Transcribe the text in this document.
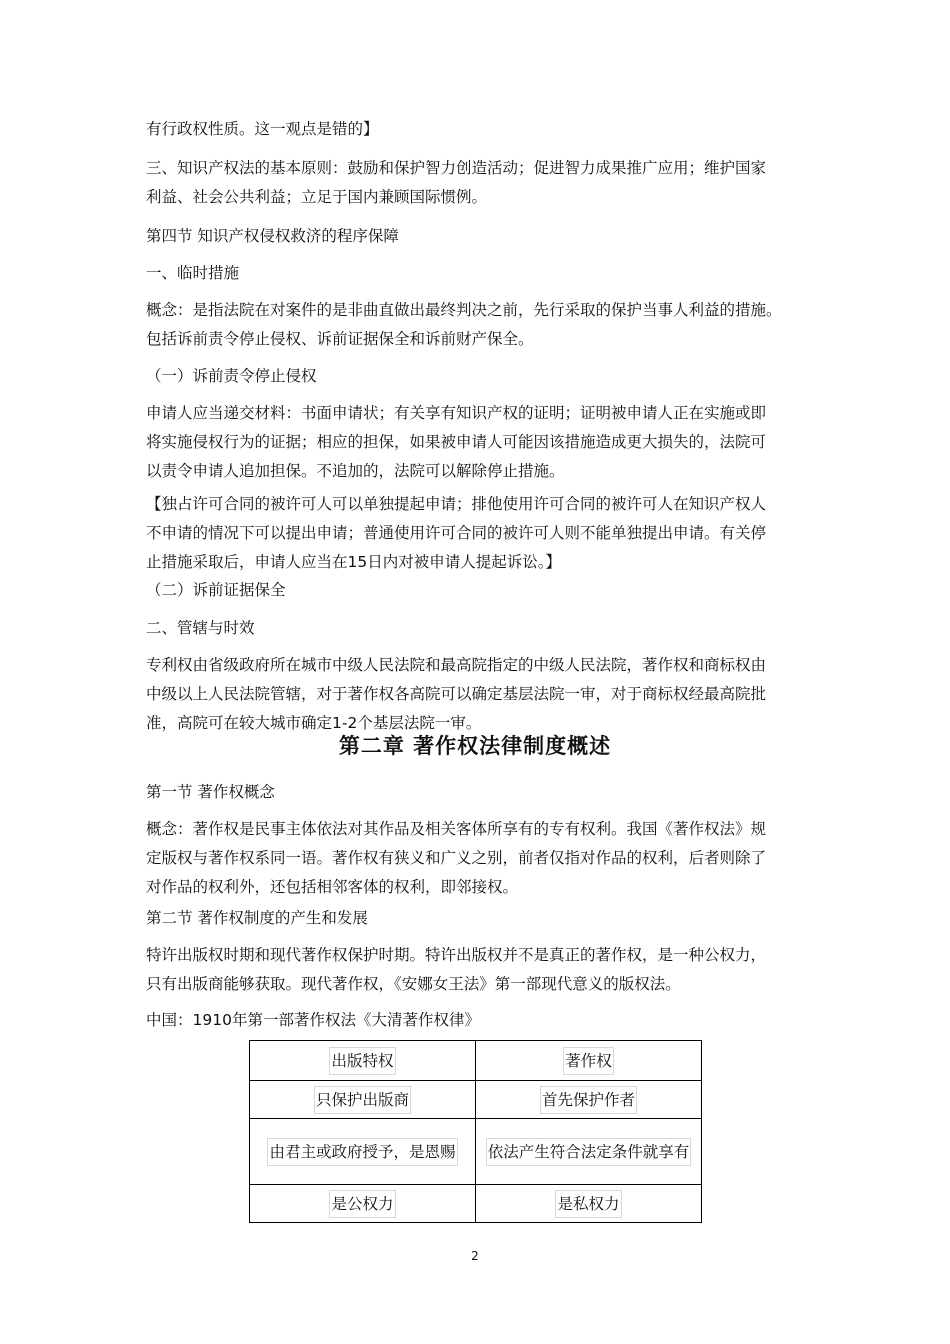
有行政权性质。这一观点是错的】
三、知识产权法的基本原则：鼓励和保护智力创造活动；促进智力成果推广应用；维护国家
利益、社会公共利益；立足于国内兼顾国际惯例。
第四节 知识产权侵权救济的程序保障
一、临时措施
概念：是指法院在对案件的是非曲直做出最终判决之前，先行采取的保护当事人利益的措施。
包括诉前责令停止侵权、诉前证据保全和诉前财产保全。
（一）诉前责令停止侵权
申请人应当递交材料：书面申请状；有关享有知识产权的证明；证明被申请人正在实施或即
将实施侵权行为的证据；相应的担保，如果被申请人可能因该措施造成更大损失的，法院可
以责令申请人追加担保。不追加的，法院可以解除停止措施。
【独占许可合同的被许可人可以单独提起申请；排他使用许可合同的被许可人在知识产权人
不申请的情况下可以提出申请；普通使用许可合同的被许可人则不能单独提出申请。有关停
止措施采取后，申请人应当在15日内对被申请人提起诉讼。】
（二）诉前证据保全
二、管辖与时效
专利权由省级政府所在城市中级人民法院和最高院指定的中级人民法院，著作权和商标权由
中级以上人民法院管辖，对于著作权各高院可以确定基层法院一审，对于商标权经最高院批
准，高院可在较大城市确定1-2个基层法院一审。
第二章 著作权法律制度概述
第一节 著作权概念
概念：著作权是民事主体依法对其作品及相关客体所享有的专有权利。我国《著作权法》规
定版权与著作权系同一语。著作权有狭义和广义之别，前者仅指对作品的权利，后者则除了
对作品的权利外，还包括相邻客体的权利，即邻接权。
第二节 著作权制度的产生和发展
特许出版权时期和现代著作权保护时期。特许出版权并不是真正的著作权，是一种公权力，
只有出版商能够获取。现代著作权，《安娜女王法》第一部现代意义的版权法。
中国：1910年第一部著作权法《大清著作权律》
出版特权	著作权
只保护出版商	首先保护作者
由君主或政府授予，是恩赐	依法产生符合法定条件就享有
是公权力	是私权力
2
